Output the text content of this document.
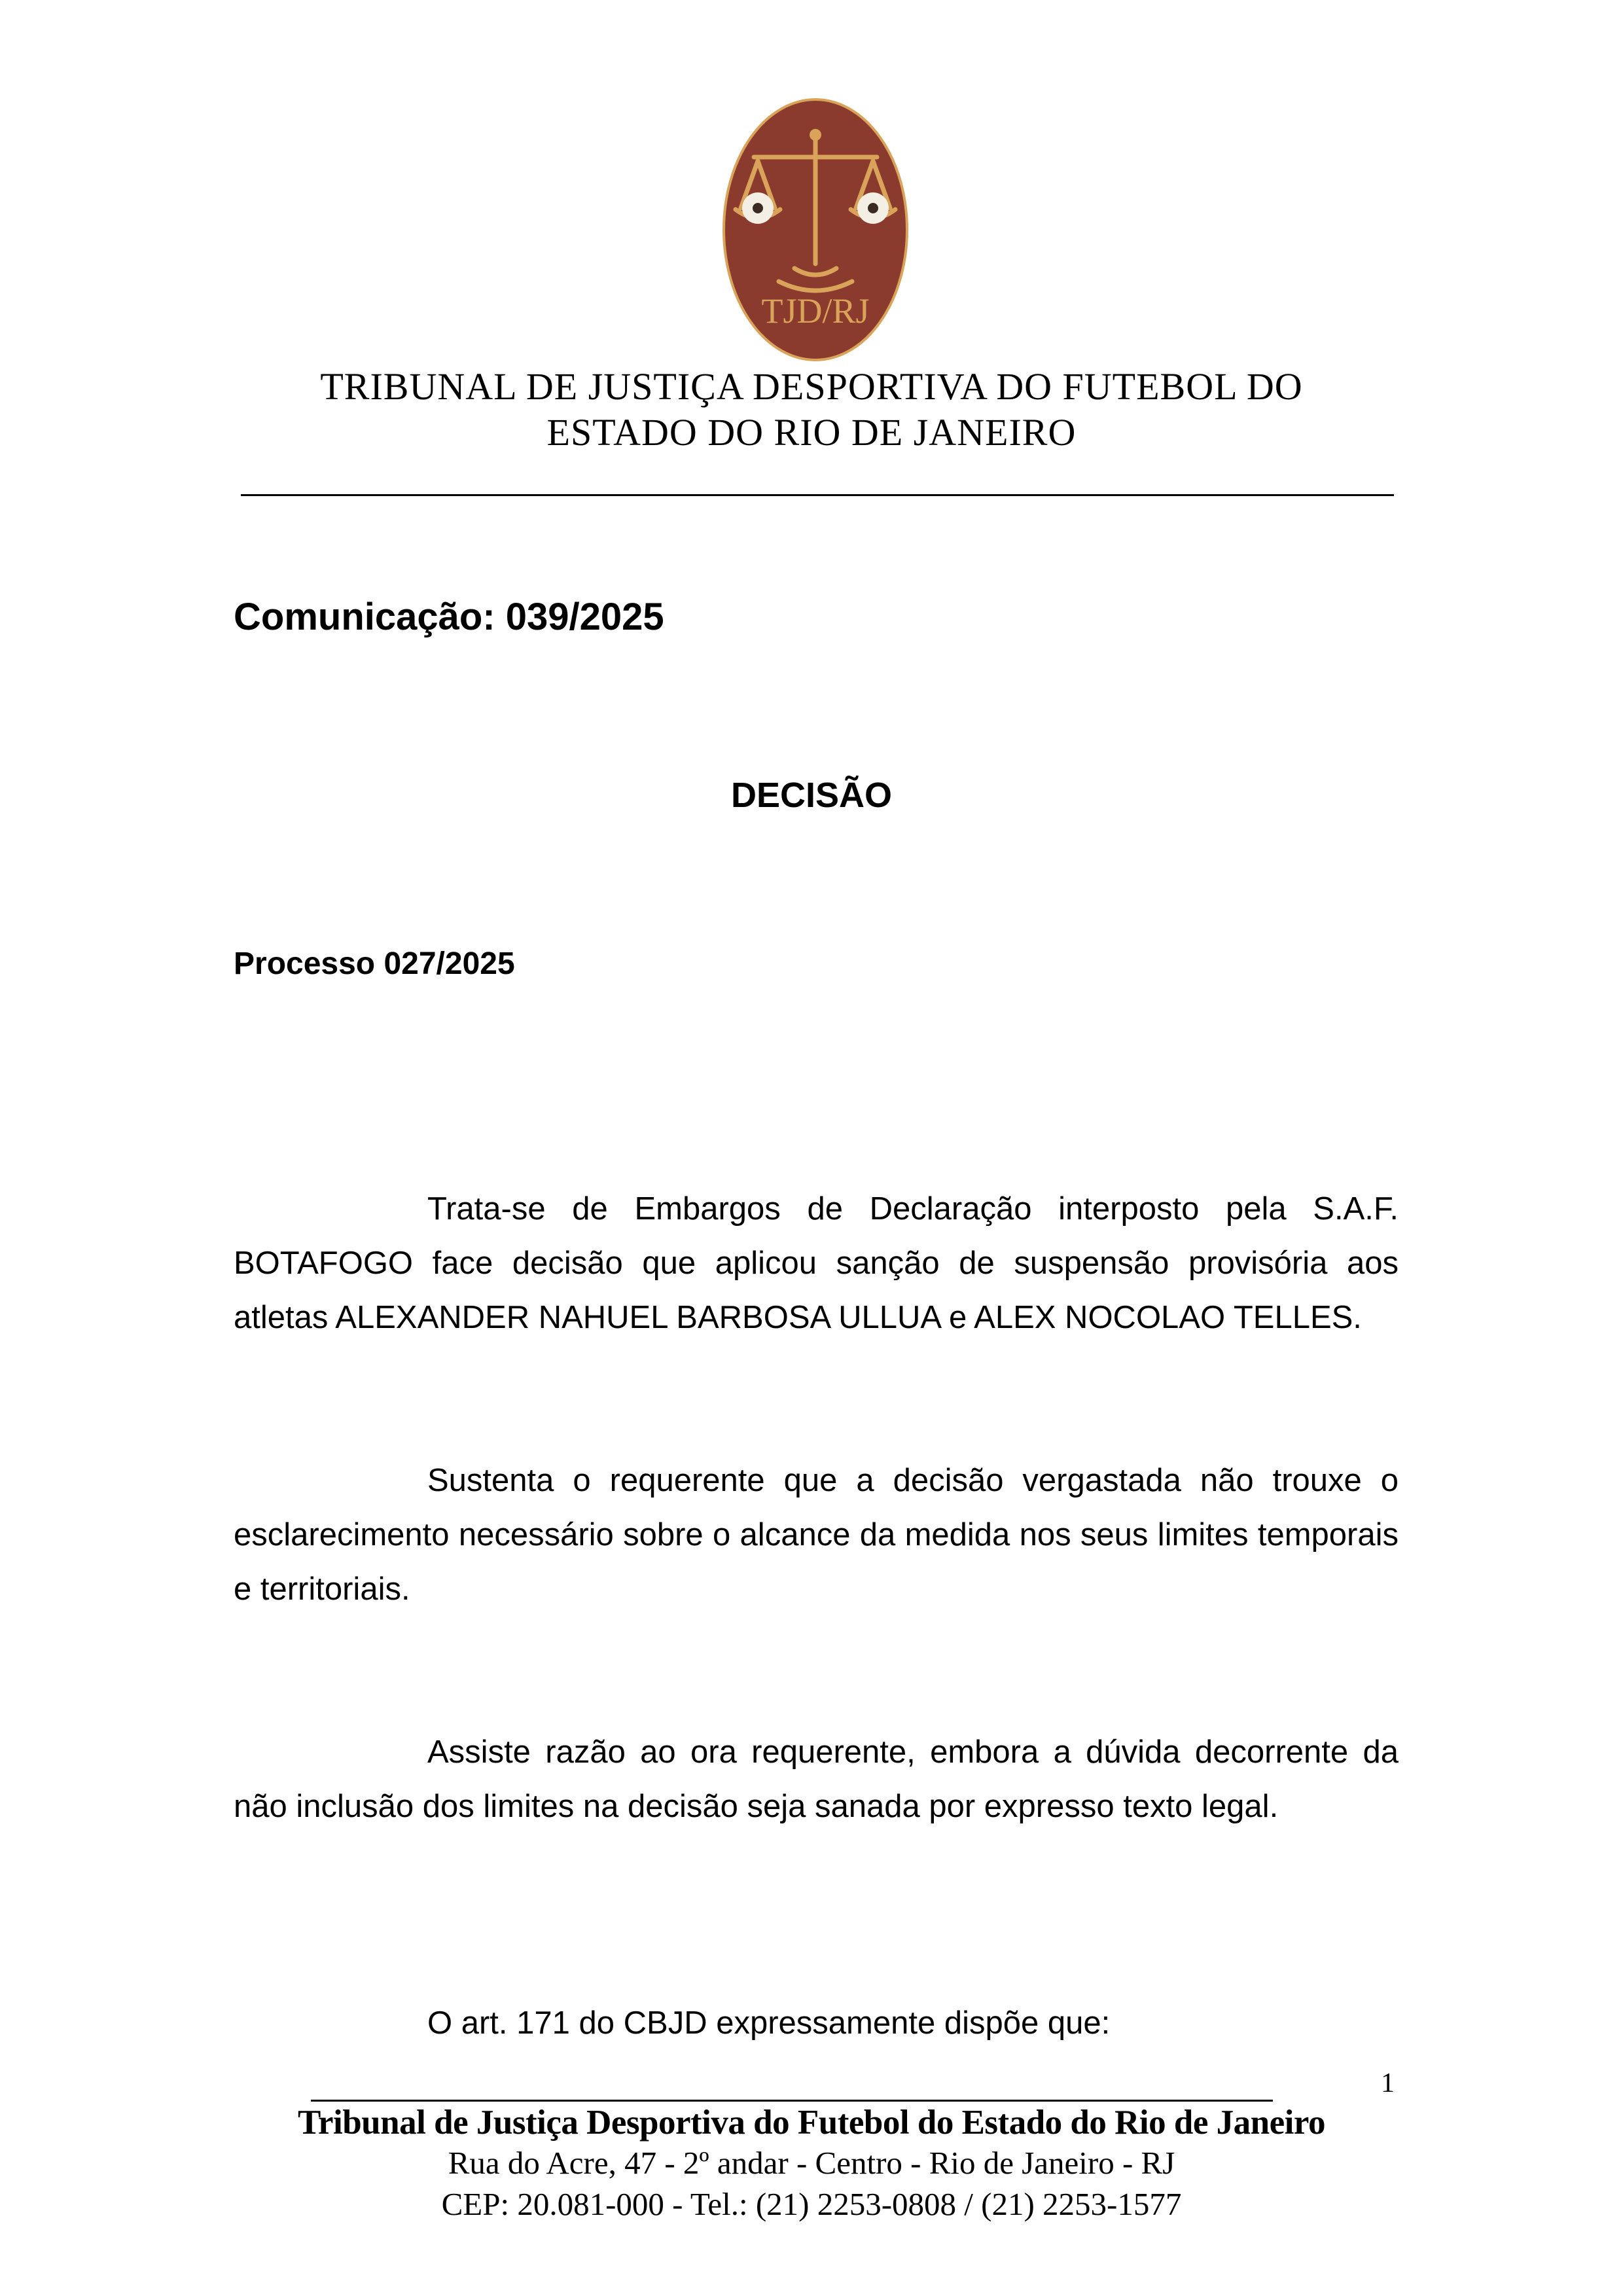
TJD/RJ
TRIBUNAL DE JUSTIÇA DESPORTIVA DO FUTEBOL DO
ESTADO DO RIO DE JANEIRO
Comunicação: 039/2025
DECISÃO
Processo 027/2025
Trata-se de Embargos de Declaração interposto pela S.A.F. BOTAFOGO face decisão que aplicou sanção de suspensão provisória aos atletas ALEXANDER NAHUEL BARBOSA ULLUA e ALEX NOCOLAO TELLES.
Sustenta o requerente que a decisão vergastada não trouxe o esclarecimento necessário sobre o alcance da medida nos seus limites temporais e territoriais.
Assiste razão ao ora requerente, embora a dúvida decorrente da não inclusão dos limites na decisão seja sanada por expresso texto legal.
O art. 171 do CBJD expressamente dispõe que:
1
Tribunal de Justiça Desportiva do Futebol do Estado do Rio de Janeiro
Rua do Acre, 47 - 2º andar - Centro - Rio de Janeiro - RJ
CEP: 20.081-000 - Tel.: (21) 2253-0808 / (21) 2253-1577
